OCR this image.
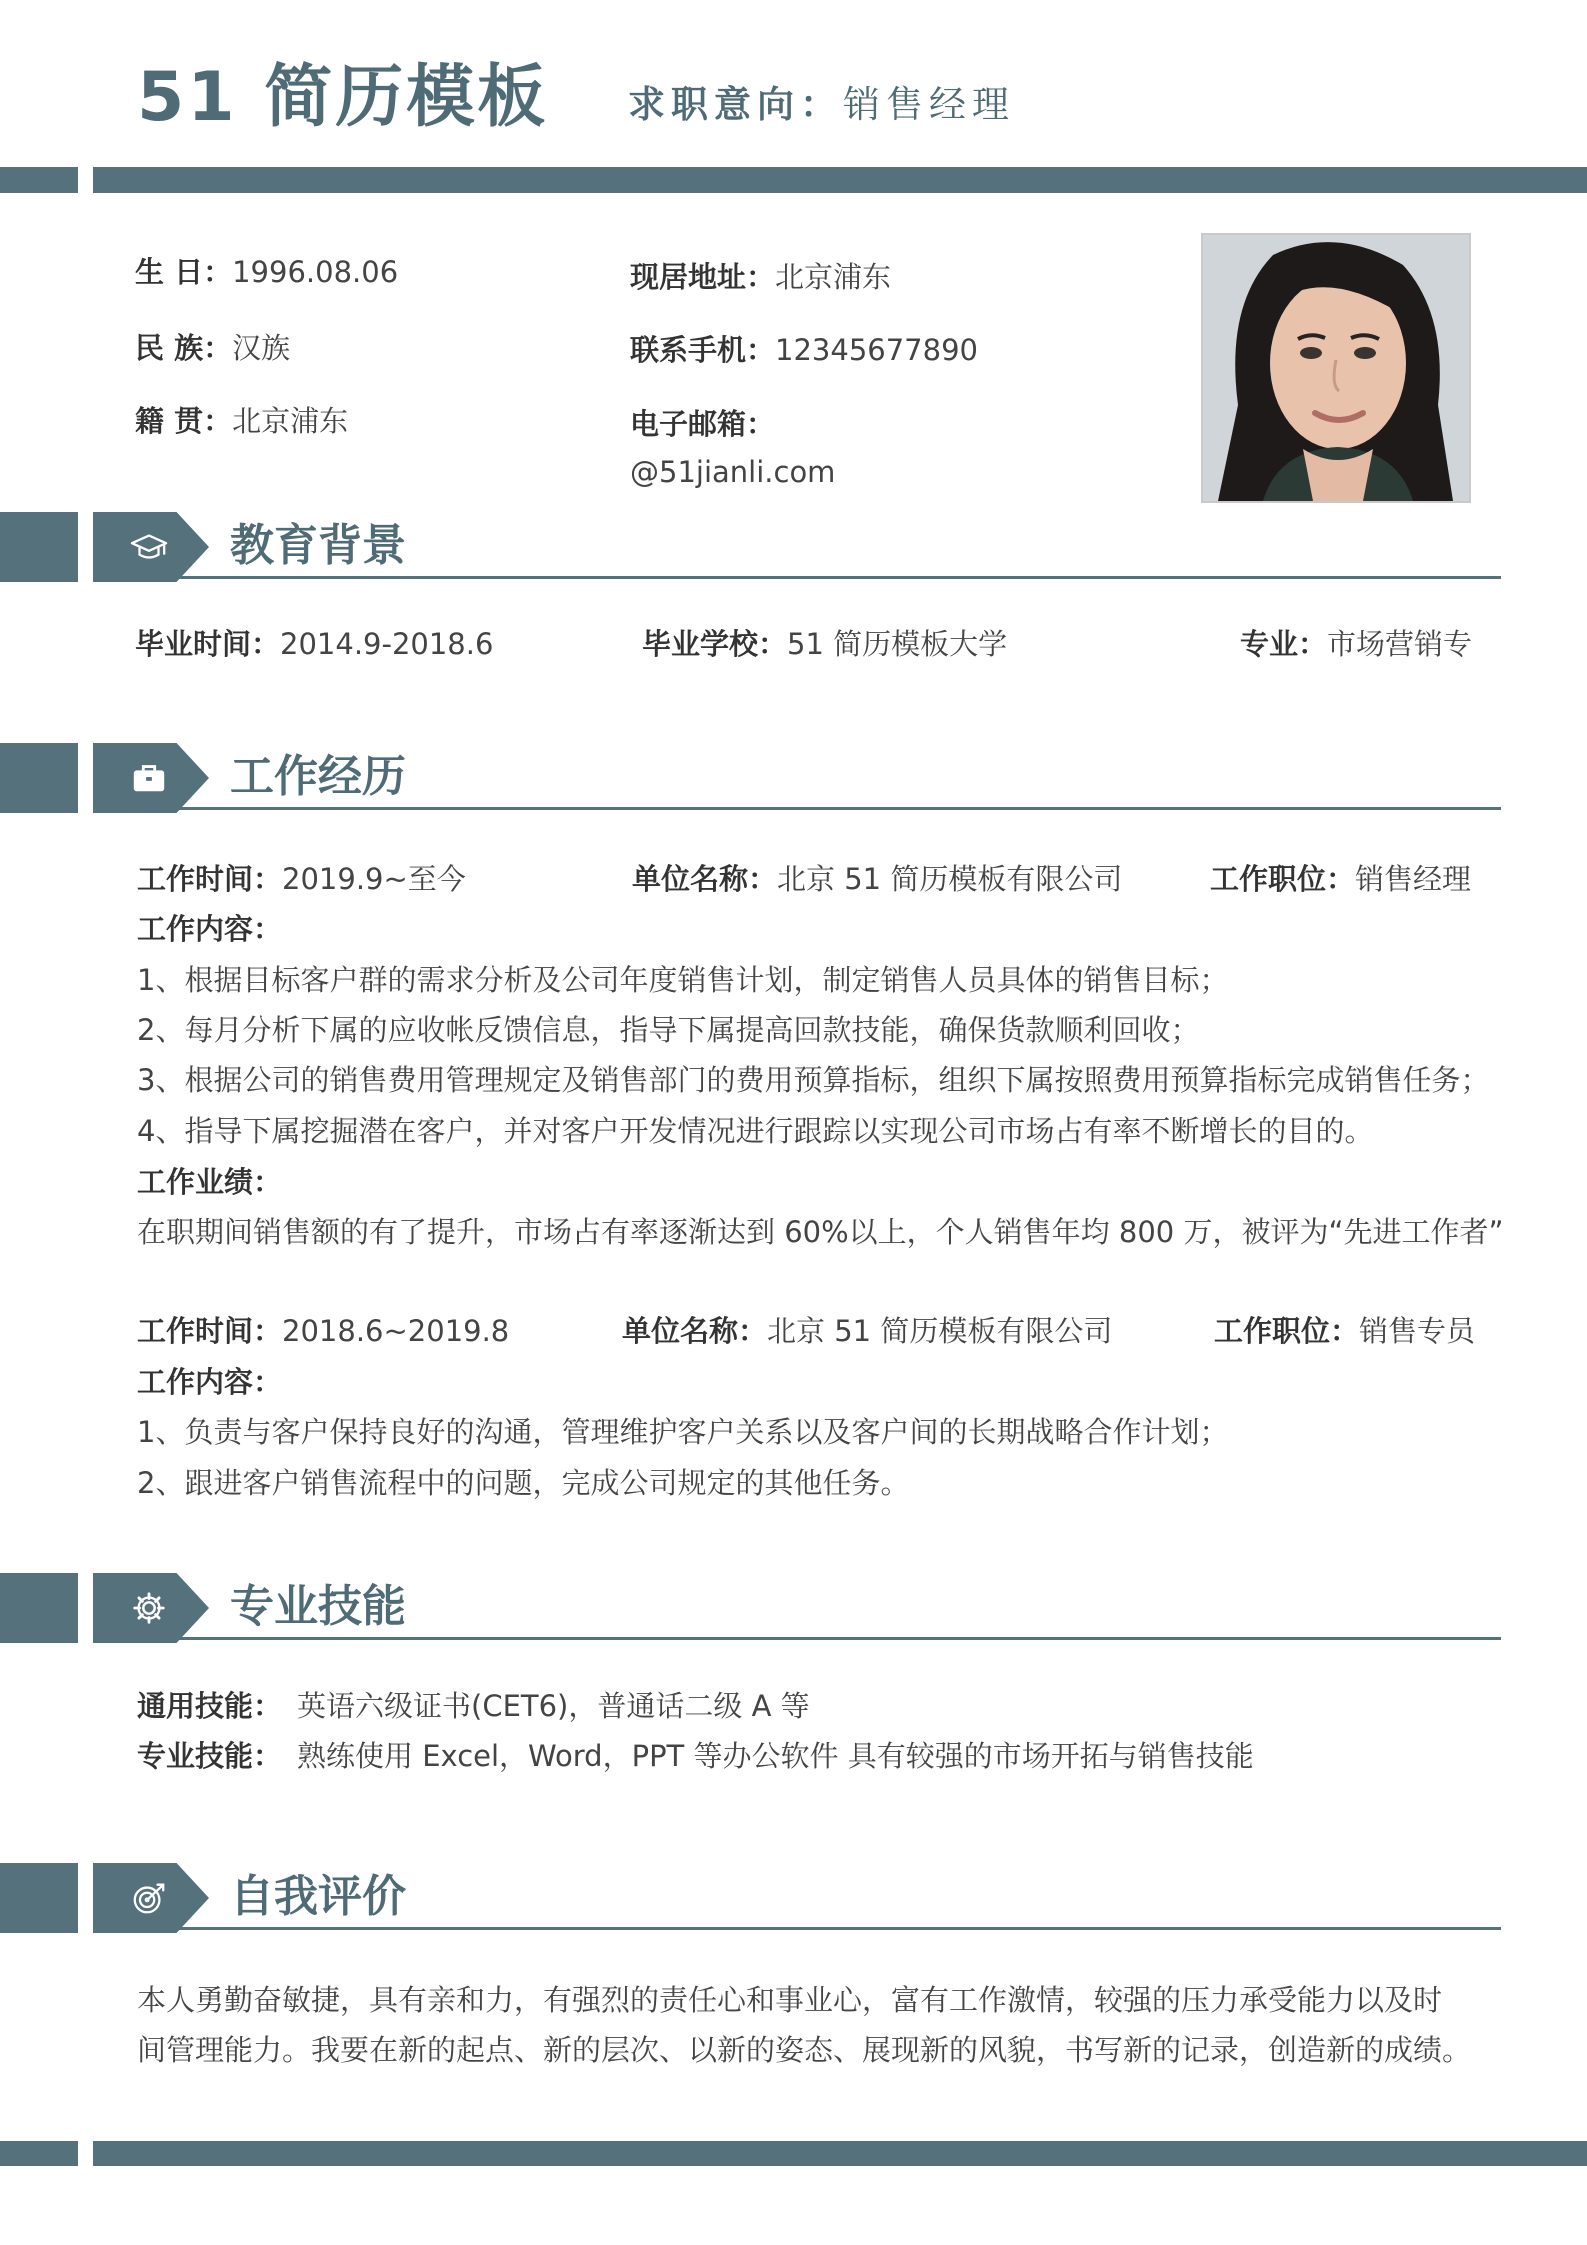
51 简历模板 求职意向：销售经理
生 日：1996.08.06
民 族：汉族
籍 贯：北京浦东
现居地址：北京浦东
联系手机：12345677890
电子邮箱：
@51jianli.com
教育背景
毕业时间：2014.9-2018.6	毕业学校：51 简历模板大学	专业：市场营销专
工作经历
工作时间：2019.9~至今	单位名称：北京 51 简历模板有限公司	工作职位：销售经理
工作内容：
1、根据目标客户群的需求分析及公司年度销售计划，制定销售人员具体的销售目标；
2、每月分析下属的应收帐反馈信息，指导下属提高回款技能，确保货款顺利回收；
3、根据公司的销售费用管理规定及销售部门的费用预算指标，组织下属按照费用预算指标完成销售任务；
4、指导下属挖掘潜在客户，并对客户开发情况进行跟踪以实现公司市场占有率不断增长的目的。
工作业绩：
在职期间销售额的有了提升，市场占有率逐渐达到 60%以上，个人销售年均 800 万，被评为“先进工作者”
工作时间：2018.6~2019.8	单位名称：北京 51 简历模板有限公司	工作职位：销售专员
工作内容：
1、负责与客户保持良好的沟通，管理维护客户关系以及客户间的长期战略合作计划；
2、跟进客户销售流程中的问题，完成公司规定的其他任务。
专业技能
通用技能： 英语六级证书(CET6)，普通话二级 A 等
专业技能： 熟练使用 Excel，Word，PPT 等办公软件 具有较强的市场开拓与销售技能
自我评价
本人勇勤奋敏捷，具有亲和力，有强烈的责任心和事业心，富有工作激情，较强的压力承受能力以及时
间管理能力。我要在新的起点、新的层次、以新的姿态、展现新的风貌，书写新的记录，创造新的成绩。
